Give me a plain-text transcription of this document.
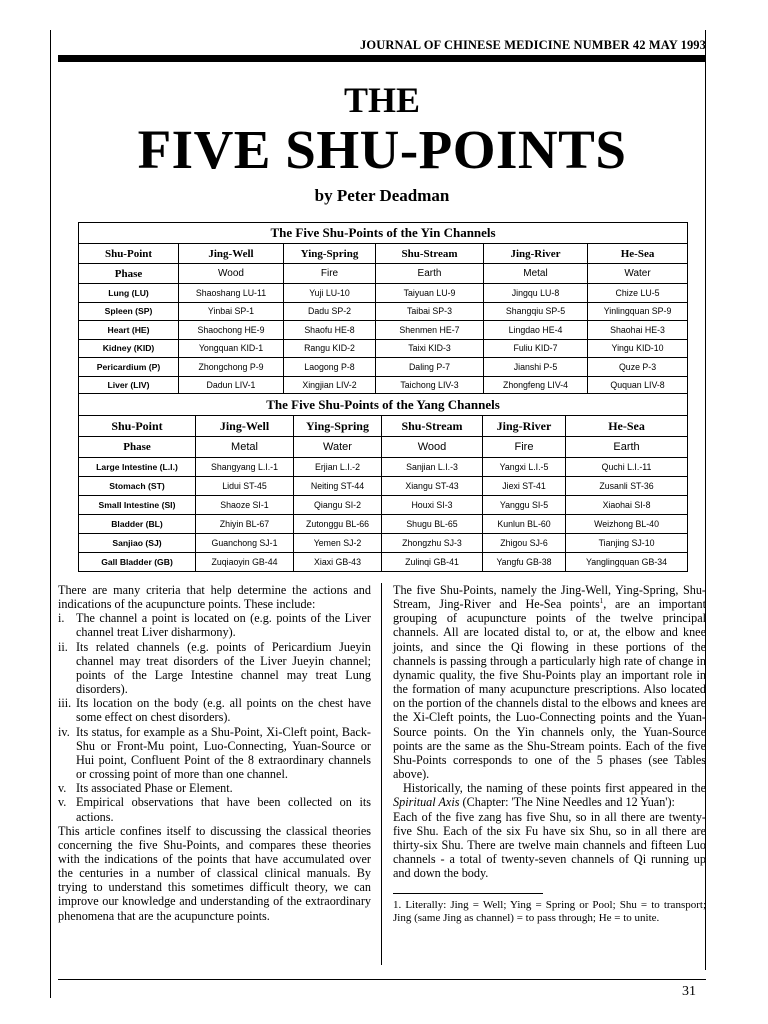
JOURNAL OF CHINESE MEDICINE NUMBER 42 MAY 1993
THE
FIVE SHU-POINTS
by Peter Deadman
The Five Shu-Points of the Yin Channels					
Shu-Point	Jing-Well	Ying-Spring	Shu-Stream	Jing-River	He-Sea
Phase	Wood	Fire	Earth	Metal	Water
Lung (LU)	Shaoshang LU-11	Yuji LU-10	Taiyuan LU-9	Jingqu LU-8	Chize LU-5
Spleen (SP)	Yinbai SP-1	Dadu SP-2	Taibai SP-3	Shangqiu SP-5	Yinlingquan SP-9
Heart (HE)	Shaochong HE-9	Shaofu HE-8	Shenmen HE-7	Lingdao HE-4	Shaohai HE-3
Kidney (KID)	Yongquan KID-1	Rangu KID-2	Taixi KID-3	Fuliu KID-7	Yingu KID-10
Pericardium (P)	Zhongchong P-9	Laogong P-8	Daling P-7	Jianshi P-5	Quze P-3
Liver (LIV)	Dadun LIV-1	Xingjian LIV-2	Taichong LIV-3	Zhongfeng LIV-4	Ququan LIV-8
The Five Shu-Points of the Yang Channels					
Shu-Point	Jing-Well	Ying-Spring	Shu-Stream	Jing-River	He-Sea
Phase	Metal	Water	Wood	Fire	Earth
Large Intestine (L.I.)	Shangyang L.I.-1	Erjian L.I.-2	Sanjian L.I.-3	Yangxi L.I.-5	Quchi L.I.-11
Stomach (ST)	Lidui ST-45	Neiting ST-44	Xiangu ST-43	Jiexi ST-41	Zusanli ST-36
Small Intestine (SI)	Shaoze SI-1	Qiangu SI-2	Houxi SI-3	Yanggu SI-5	Xiaohai SI-8
Bladder (BL)	Zhiyin BL-67	Zutonggu BL-66	Shugu BL-65	Kunlun BL-60	Weizhong BL-40
Sanjiao (SJ)	Guanchong SJ-1	Yemen SJ-2	Zhongzhu SJ-3	Zhigou SJ-6	Tianjing SJ-10
Gall Bladder (GB)	Zuqiaoyin GB-44	Xiaxi GB-43	Zulinqi GB-41	Yangfu GB-38	Yanglingquan GB-34

There are many criteria that help determine the actions and indications of the acupuncture points. These include:

i. The channel a point is located on (e.g. points of the Liver channel treat Liver disharmony).
ii. Its related channels (e.g. points of Pericardium Jueyin channel may treat disorders of the Liver Jueyin channel; points of the Large Intestine channel may treat Lung disorders).
iii. Its location on the body (e.g. all points on the chest have some effect on chest disorders).
iv. Its status, for example as a Shu-Point, Xi-Cleft point, Back-Shu or Front-Mu point, Luo-Connecting, Yuan-Source or Hui point, Confluent Point of the 8 extraordinary channels or crossing point of more than one channel.
v. Its associated Phase or Element.
v. Empirical observations that have been collected on its actions.

This article confines itself to discussing the classical theories concerning the five Shu-Points, and compares these theories with the indications of the points that have accumulated over the centuries in a number of classical clinical manuals. By trying to understand this sometimes difficult theory, we can improve our knowledge and understanding of the extraordinary phenomena that are the acupuncture points.

The five Shu-Points, namely the Jing-Well, Ying-Spring, Shu-Stream, Jing-River and He-Sea points$^1$, are an important grouping of acupuncture points of the twelve principal channels. All are located distal to, or at, the elbow and knee joints, and since the Qi flowing in these portions of the channels is passing through a particularly high rate of change in dynamic quality, the five Shu-Points play an important role in the formation of many acupuncture prescriptions. Also located on the portion of the channels distal to the elbows and knees are the Xi-Cleft points, the Luo-Connecting points and the Yuan-Source points. On the Yin channels only, the Yuan-Source points are the same as the Shu-Stream points. Each of the five Shu-Points corresponds to one of the 5 phases (see Tables above).

Historically, the naming of these points first appeared in the Spiritual Axis (Chapter: 'The Nine Needles and 12 Yuan'):

Each of the five zang has five Shu, so in all there are twenty-five Shu. Each of the six Fu have six Shu, so in all there are thirty-six Shu. There are twelve main channels and fifteen Luo channels - a total of twenty-seven channels of Qi running up and down the body.

1. Literally: Jing = Well; Ying = Spring or Pool; Shu = to transport; Jing (same Jing as channel) = to pass through; He = to unite.

31
